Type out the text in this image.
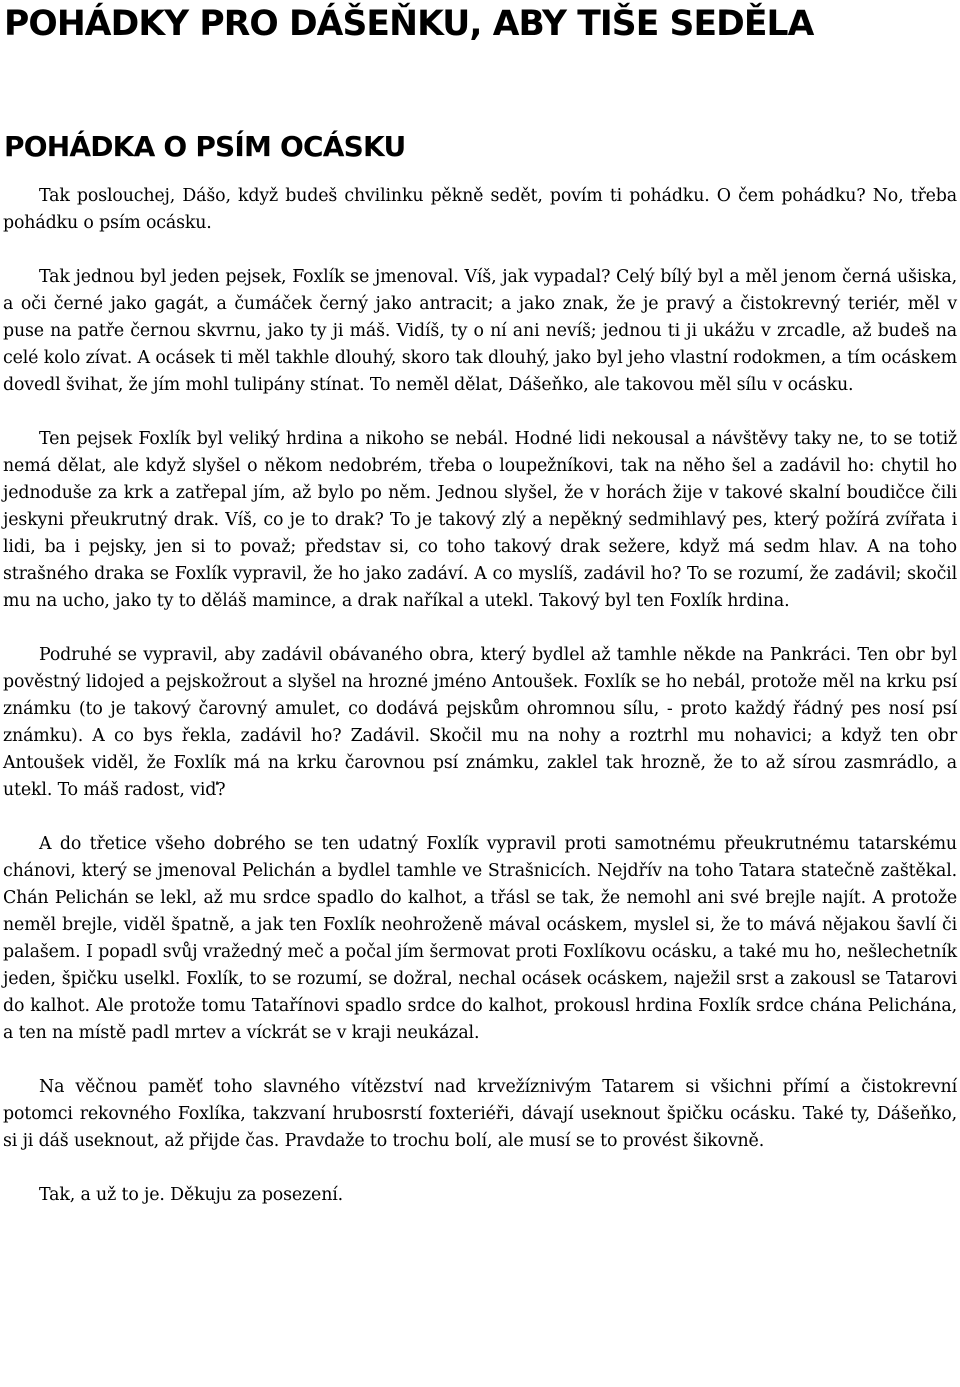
POHÁDKY PRO DÁŠEŇKU, ABY TIŠE SEDĚLA
POHÁDKA O PSÍM OCÁSKU

Tak poslouchej, Dášo, když budeš chvilinku pěkně sedět, povím ti pohádku. O čem pohádku? No, třeba pohádku o psím ocásku.

Tak jednou byl jeden pejsek, Foxlík se jmenoval. Víš, jak vypadal? Celý bílý byl a měl jenom černá ušiska, a oči černé jako gagát, a čumáček černý jako antracit; a jako znak, že je pravý a čistokrevný teriér, měl v puse na patře černou skvrnu, jako ty ji máš. Vidíš, ty o ní ani nevíš; jednou ti ji ukážu v zrcadle, až budeš na celé kolo zívat. A ocásek ti měl takhle dlouhý, skoro tak dlouhý, jako byl jeho vlastní rodokmen, a tím ocáskem dovedl švihat, že jím mohl tulipány stínat. To neměl dělat, Dášeňko, ale takovou měl sílu v ocásku.

Ten pejsek Foxlík byl veliký hrdina a nikoho se nebál. Hodné lidi nekousal a návštěvy taky ne, to se totiž nemá dělat, ale když slyšel o někom nedobrém, třeba o loupežníkovi, tak na něho šel a zadávil ho: chytil ho jednoduše za krk a zatřepal jím, až bylo po něm. Jednou slyšel, že v horách žije v takové skalní boudičce čili jeskyni přeukrutný drak. Víš, co je to drak? To je takový zlý a nepěkný sedmihlavý pes, který požírá zvířata i lidi, ba i pejsky, jen si to považ; představ si, co toho takový drak sežere, když má sedm hlav. A na toho strašného draka se Foxlík vypravil, že ho jako zadáví. A co myslíš, zadávil ho? To se rozumí, že zadávil; skočil mu na ucho, jako ty to děláš mamince, a drak naříkal a utekl. Takový byl ten Foxlík hrdina.

Podruhé se vypravil, aby zadávil obávaného obra, který bydlel až tamhle někde na Pankráci. Ten obr byl pověstný lidojed a pejskožrout a slyšel na hrozné jméno Antoušek. Foxlík se ho nebál, protože měl na krku psí známku (to je takový čarovný amulet, co dodává pejskům ohromnou sílu, - proto každý řádný pes nosí psí známku). A co bys řekla, zadávil ho? Zadávil. Skočil mu na nohy a roztrhl mu nohavici; a když ten obr Antoušek viděl, že Foxlík má na krku čarovnou psí známku, zaklel tak hrozně, že to až sírou zasmrádlo, a utekl. To máš radost, viď?

A do třetice všeho dobrého se ten udatný Foxlík vypravil proti samotnému přeukrutnému tatarskému chánovi, který se jmenoval Pelichán a bydlel tamhle ve Strašnicích. Nejdřív na toho Tatara statečně zaštěkal. Chán Pelichán se lekl, až mu srdce spadlo do kalhot, a třásl se tak, že nemohl ani své brejle najít. A protože neměl brejle, viděl špatně, a jak ten Foxlík neohroženě mával ocáskem, myslel si, že to mává nějakou šavlí či palašem. I popadl svůj vražedný meč a počal jím šermovat proti Foxlíkovu ocásku, a také mu ho, nešlechetník jeden, špičku uselkl. Foxlík, to se rozumí, se dožral, nechal ocásek ocáskem, naježil srst a zakousl se Tatarovi do kalhot. Ale protože tomu Tatařínovi spadlo srdce do kalhot, prokousl hrdina Foxlík srdce chána Pelichána, a ten na místě padl mrtev a víckrát se v kraji neukázal.

Na věčnou paměť toho slavného vítězství nad krvežíznivým Tatarem si všichni přímí a čistokrevní potomci rekovného Foxlíka, takzvaní hrubosrstí foxteriéři, dávají useknout špičku ocásku. Také ty, Dášeňko, si ji dáš useknout, až přijde čas. Pravdaže to trochu bolí, ale musí se to provést šikovně.

Tak, a už to je. Děkuju za posezení.
